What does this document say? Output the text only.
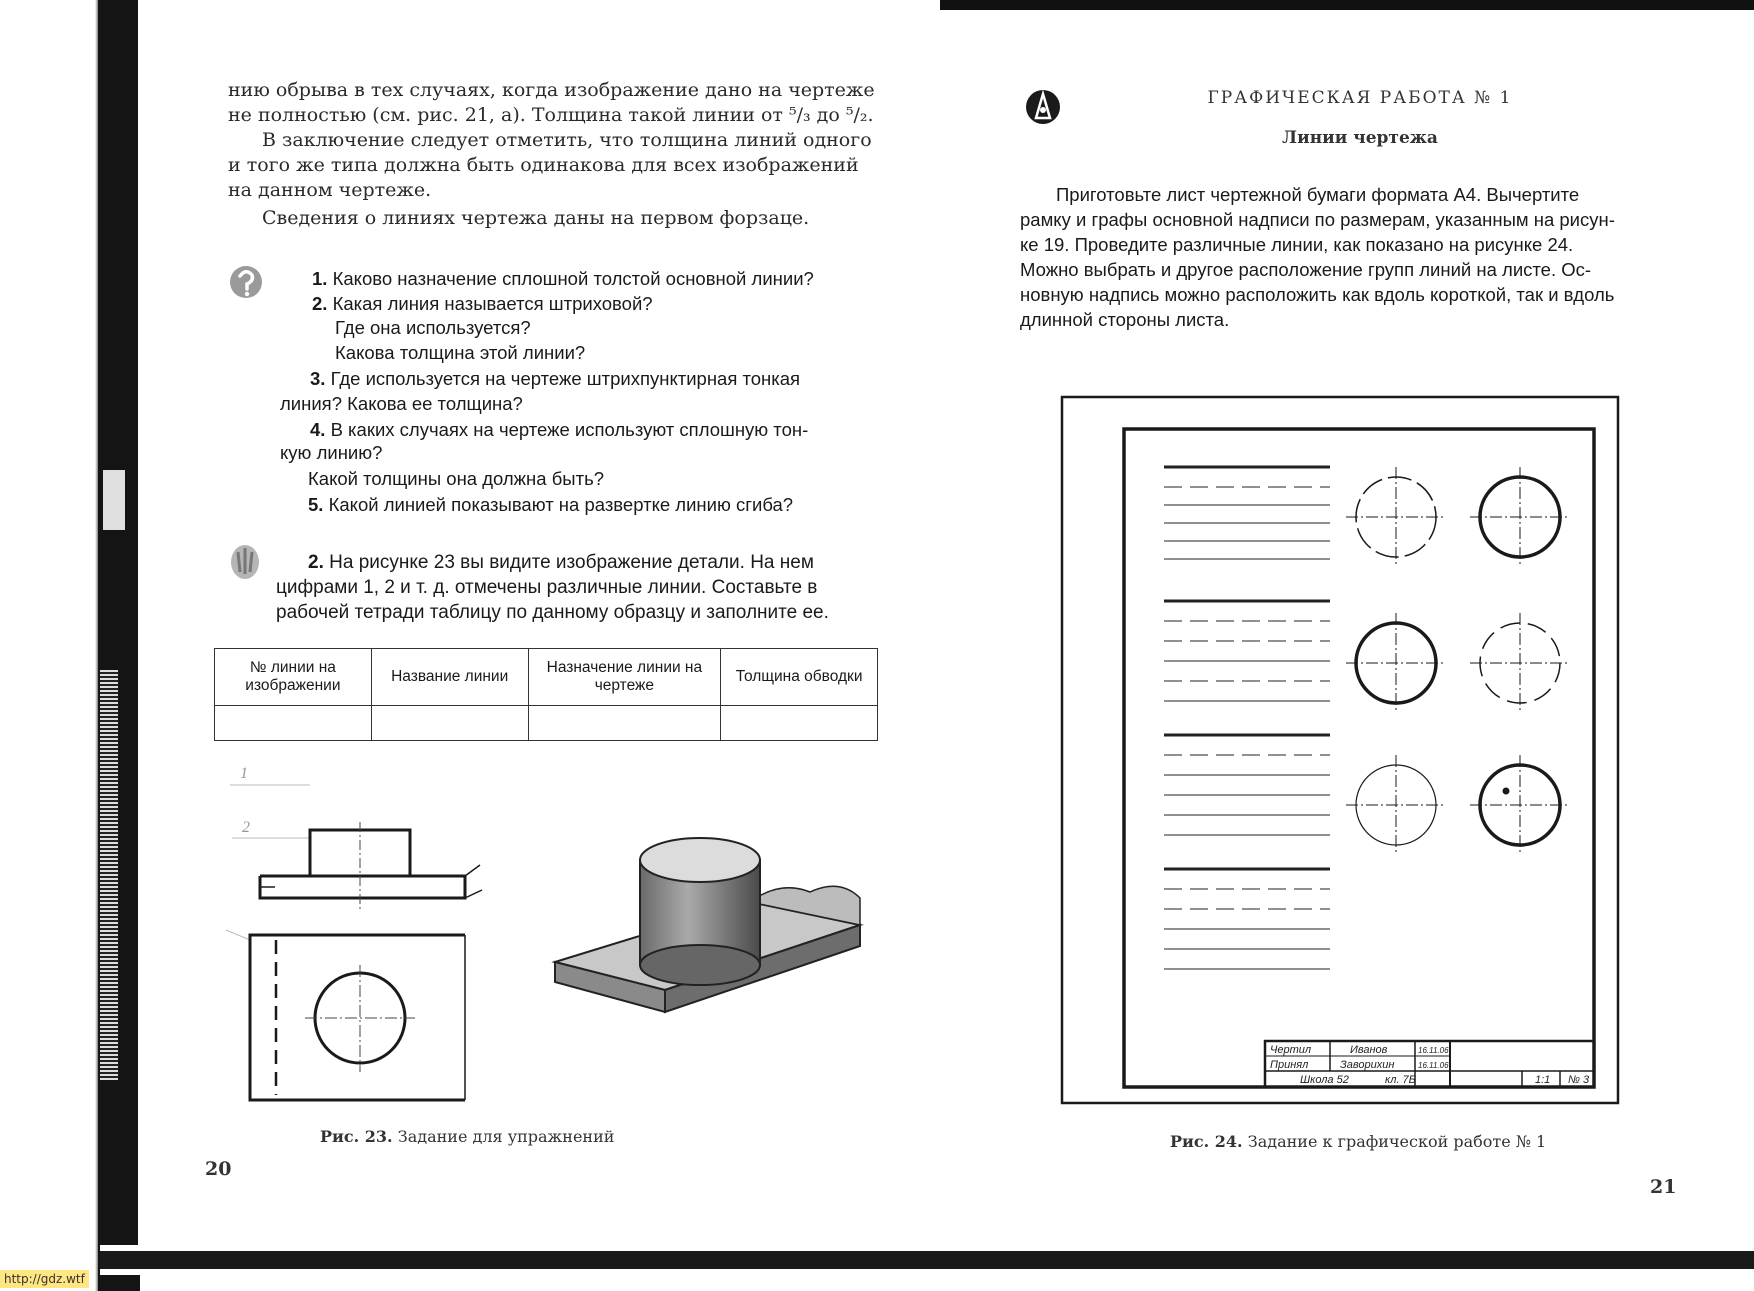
нию обрыва в тех случаях, когда изображение дано на чертеже
не полностью (см. рис. 21, а). Толщина такой линии от ⁵/₃ до ⁵/₂.
В заключение следует отметить, что толщина линий одного
и того же типа должна быть одинакова для всех изображений
на данном чертеже.
Сведения о линиях чертежа даны на первом форзаце.
1. Каково назначение сплошной толстой основной линии?
2. Какая линия называется штриховой?
Где она используется?
Какова толщина этой линии?
3. Где используется на чертеже штрихпунктирная тонкая
линия? Какова ее толщина?
4. В каких случаях на чертеже используют сплошную тон-
кую линию?
Какой толщины она должна быть?
5. Какой линией показывают на развертке линию сгиба?
2. На рисунке 23 вы видите изображение детали. На нем
цифрами 1, 2 и т. д. отмечены различные линии. Составьте в
рабочей тетради таблицу по данному образцу и заполните ее.
№ линии на изображении	Название линии	Назначение линии на чертеже	Толщина обводки

1
2
Рис. 23. Задание для упражнений
20
ГРАФИЧЕСКАЯ РАБОТА № 1
Линии чертежа
Приготовьте лист чертежной бумаги формата А4. Вычертите
рамку и графы основной надписи по размерам, указанным на рисун-
ке 19. Проведите различные линии, как показано на рисунке 24.
Можно выбрать и другое расположение групп линий на листе. Ос-
новную надпись можно расположить как вдоль короткой, так и вдоль
длинной стороны листа.
Чертил	Иванов	16.11.06
Принял	Заворихин	16.11.06
Школа 52	кл. 7Б	1:1 № 3
Рис. 24. Задание к графической работе № 1
21
http://gdz.wtf
